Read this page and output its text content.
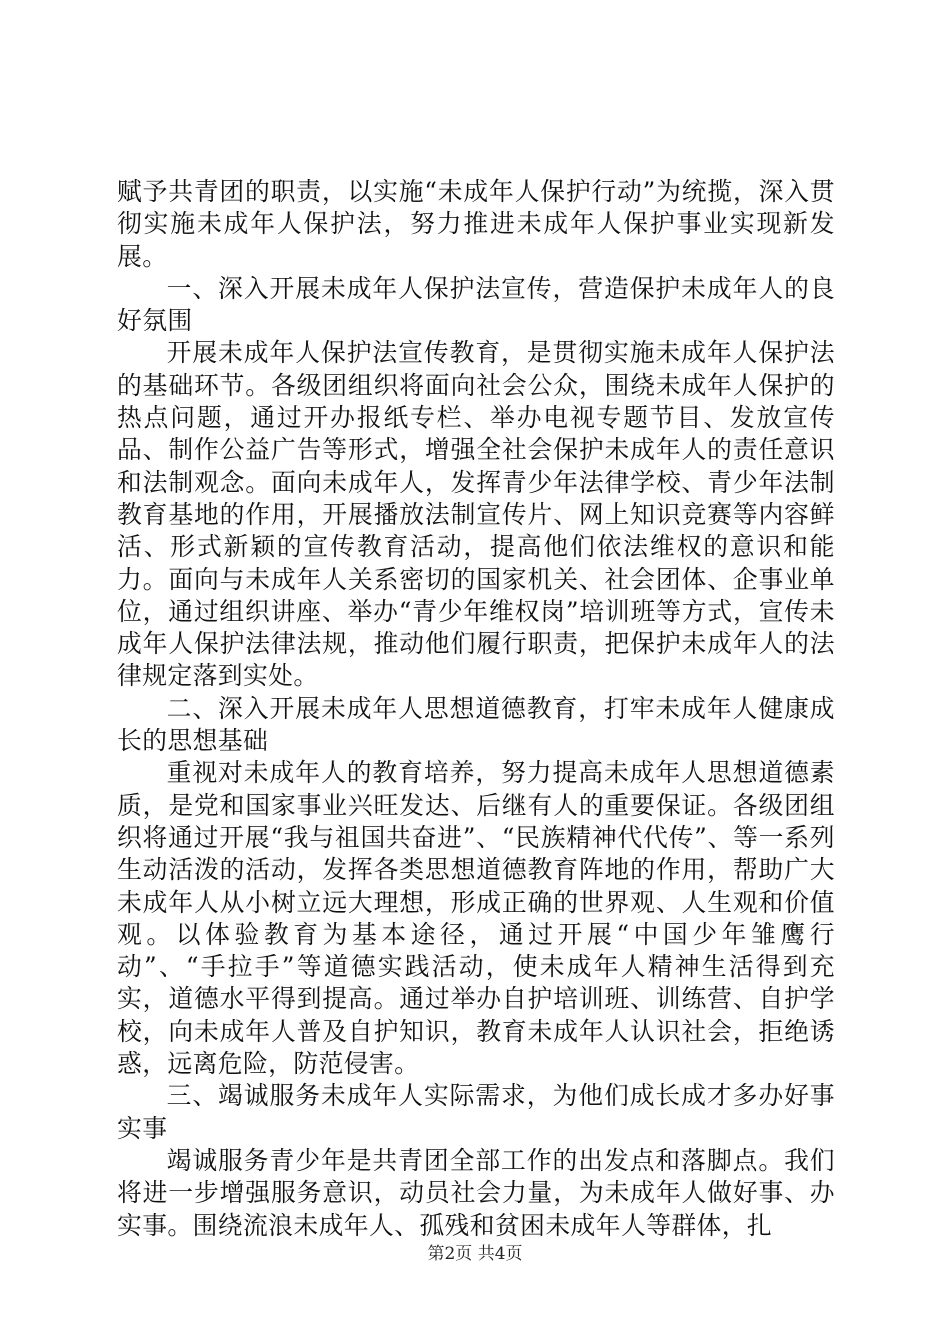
赋予共青团的职责，以实施“未成年人保护行动”为统揽，深入贯彻实施未成年人保护法，努力推进未成年人保护事业实现新发展。

一、深入开展未成年人保护法宣传，营造保护未成年人的良好氛围

开展未成年人保护法宣传教育，是贯彻实施未成年人保护法的基础环节。各级团组织将面向社会公众，围绕未成年人保护的热点问题，通过开办报纸专栏、举办电视专题节目、发放宣传品、制作公益广告等形式，增强全社会保护未成年人的责任意识和法制观念。面向未成年人，发挥青少年法律学校、青少年法制教育基地的作用，开展播放法制宣传片、网上知识竞赛等内容鲜活、形式新颖的宣传教育活动，提高他们依法维权的意识和能力。面向与未成年人关系密切的国家机关、社会团体、企事业单位，通过组织讲座、举办“青少年维权岗”培训班等方式，宣传未成年人保护法律法规，推动他们履行职责，把保护未成年人的法律规定落到实处。

二、深入开展未成年人思想道德教育，打牢未成年人健康成长的思想基础

重视对未成年人的教育培养，努力提高未成年人思想道德素质，是党和国家事业兴旺发达、后继有人的重要保证。各级团组织将通过开展“我与祖国共奋进”、“民族精神代代传”、等一系列生动活泼的活动，发挥各类思想道德教育阵地的作用，帮助广大未成年人从小树立远大理想，形成正确的世界观、人生观和价值观。以体验教育为基本途径，通过开展“中国少年雏鹰行动”、“手拉手”等道德实践活动，使未成年人精神生活得到充实，道德水平得到提高。通过举办自护培训班、训练营、自护学校，向未成年人普及自护知识，教育未成年人认识社会，拒绝诱惑，远离危险，防范侵害。

三、竭诚服务未成年人实际需求，为他们成长成才多办好事实事

竭诚服务青少年是共青团全部工作的出发点和落脚点。我们将进一步增强服务意识，动员社会力量，为未成年人做好事、办实事。围绕流浪未成年人、孤残和贫困未成年人等群体，扎

第2页 共4页
